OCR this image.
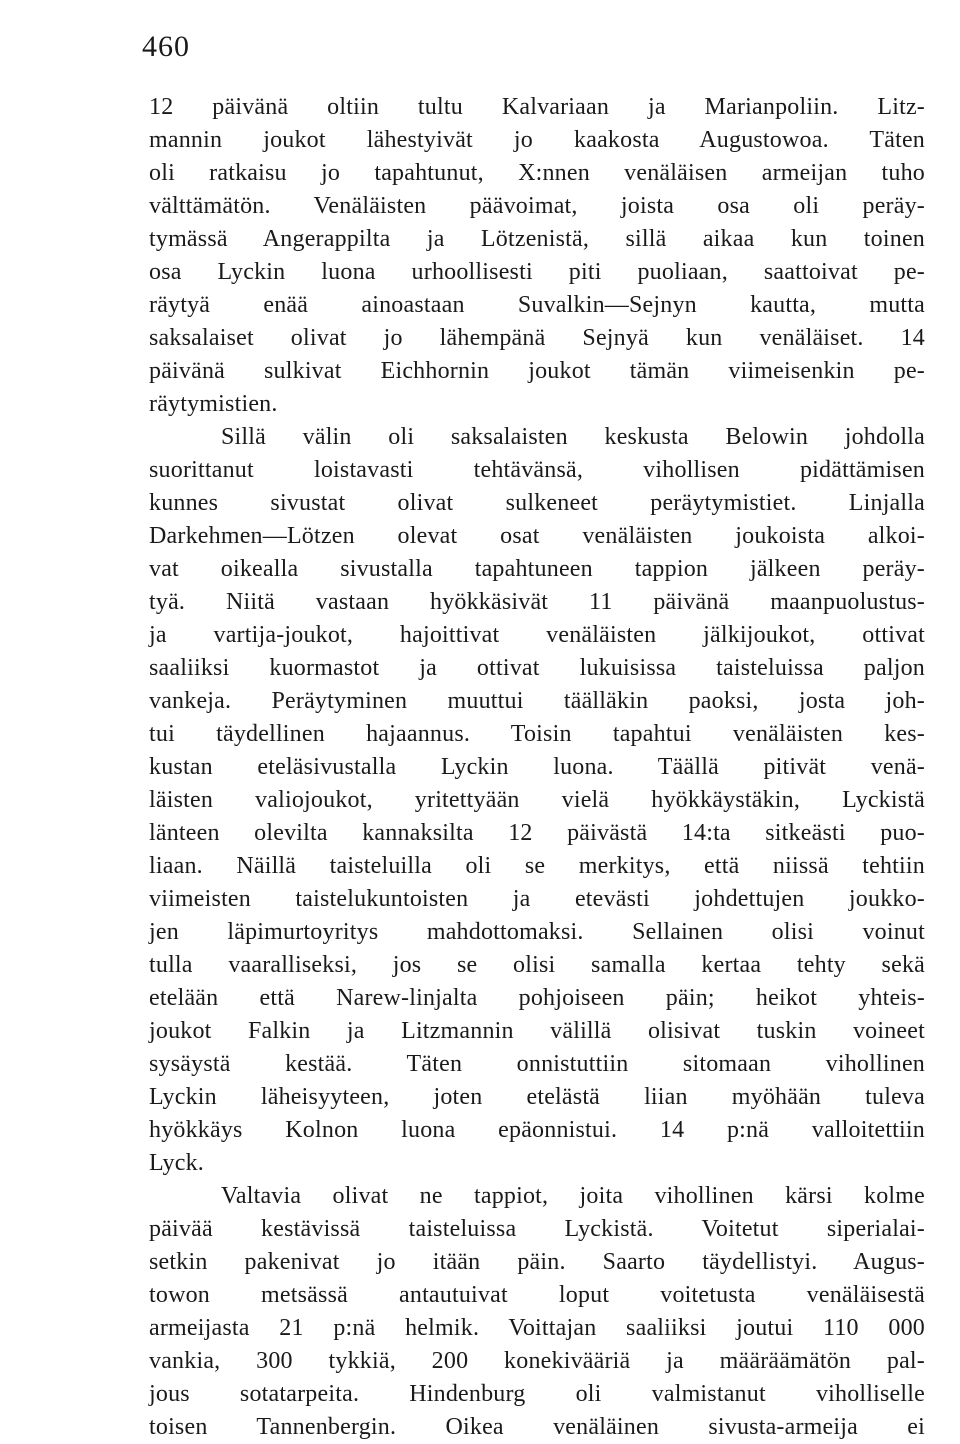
460
12 päivänä oltiin tultu Kalvariaan ja Marianpoliin. Litz-
mannin joukot lähestyivät jo kaakosta Augustowoa. Täten
oli ratkaisu jo tapahtunut, X:nnen venäläisen armeijan tuho
välttämätön. Venäläisten päävoimat, joista osa oli peräy-
tymässä Angerappilta ja Lötzenistä, sillä aikaa kun toinen
osa Lyckin luona urhoollisesti piti puoliaan, saattoivat pe-
räytyä enää ainoastaan Suvalkin—Sejnyn kautta, mutta
saksalaiset olivat jo lähempänä Sejnyä kun venäläiset. 14
päivänä sulkivat Eichhornin joukot tämän viimeisenkin pe-
räytymistien.
Sillä välin oli saksalaisten keskusta Belowin johdolla
suorittanut loistavasti tehtävänsä, vihollisen pidättämisen
kunnes sivustat olivat sulkeneet peräytymistiet. Linjalla
Darkehmen—Lötzen olevat osat venäläisten joukoista alkoi-
vat oikealla sivustalla tapahtuneen tappion jälkeen peräy-
tyä. Niitä vastaan hyökkäsivät 11 päivänä maanpuolustus-
ja vartija-joukot, hajoittivat venäläisten jälkijoukot, ottivat
saaliiksi kuormastot ja ottivat lukuisissa taisteluissa paljon
vankeja. Peräytyminen muuttui täälläkin paoksi, josta joh-
tui täydellinen hajaannus. Toisin tapahtui venäläisten kes-
kustan eteläsivustalla Lyckin luona. Täällä pitivät venä-
läisten valiojoukot, yritettyään vielä hyökkäystäkin, Lyckistä
länteen olevilta kannaksilta 12 päivästä 14:ta sitkeästi puo-
liaan. Näillä taisteluilla oli se merkitys, että niissä tehtiin
viimeisten taistelukuntoisten ja etevästi johdettujen joukko-
jen läpimurtoyritys mahdottomaksi. Sellainen olisi voinut
tulla vaaralliseksi, jos se olisi samalla kertaa tehty sekä
etelään että Narew-linjalta pohjoiseen päin; heikot yhteis-
joukot Falkin ja Litzmannin välillä olisivat tuskin voineet
sysäystä kestää. Täten onnistuttiin sitomaan vihollinen
Lyckin läheisyyteen, joten etelästä liian myöhään tuleva
hyökkäys Kolnon luona epäonnistui. 14 p:nä valloitettiin
Lyck.
Valtavia olivat ne tappiot, joita vihollinen kärsi kolme
päivää kestävissä taisteluissa Lyckistä. Voitetut siperialai-
setkin pakenivat jo itään päin. Saarto täydellistyi. Augus-
towon metsässä antautuivat loput voitetusta venäläisestä
armeijasta 21 p:nä helmik. Voittajan saaliiksi joutui 110 000
vankia, 300 tykkiä, 200 konekivääriä ja määräämätön pal-
jous sotatarpeita. Hindenburg oli valmistanut viholliselle
toisen Tannenbergin. Oikea venäläinen sivusta-armeija ei
